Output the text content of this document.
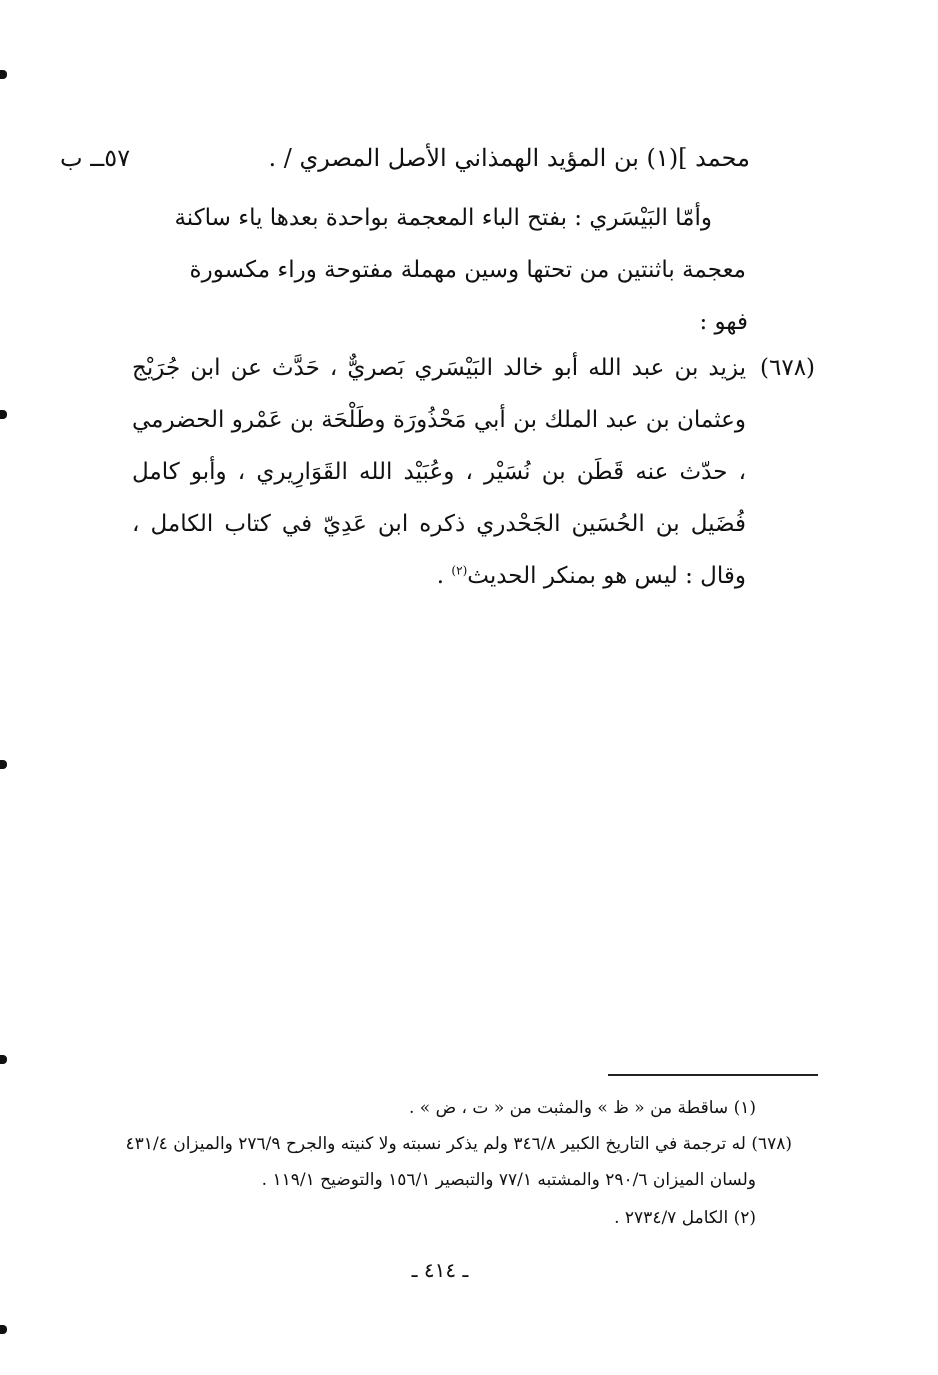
محمد ](١) بن المؤيد الهمذاني الأصل المصري / .
٥٧ــ ب
وأمّا البَيْسَري : بفتح الباء المعجمة بواحدة بعدها ياء ساكنة
معجمة باثنتين من تحتها وسين مهملة مفتوحة وراء مكسورة
فهو :
(٦٧٨)
يزيد بن عبد الله أبو خالد البَيْسَري بَصريٌّ ، حَدَّث عن ابن جُرَيْج وعثمان بن عبد الملك بن أبي مَحْذُورَة وطَلْحَة بن عَمْرو الحضرمي ، حدّث عنه قَطَن بن نُسَيْر ، وعُبَيْد الله القَوَارِيري ، وأبو كامل فُضَيل بن الحُسَين الجَحْدري ذكره ابن عَدِيّ في كتاب الكامل ، وقال : ليس هو بمنكر الحديث$^{(٢)}$ .
(١) ساقطة من « ظ » والمثبت من « ت ، ض » .
(٦٧٨) له ترجمة في التاريخ الكبير ٣٤٦/٨ ولم يذكر نسبته ولا كنيته والجرح ٢٧٦/٩ والميزان ٤٣١/٤
ولسان الميزان ٢٩٠/٦ والمشتبه ٧٧/١ والتبصير ١٥٦/١ والتوضيح ١١٩/١ .
(٢) الكامل ٢٧٣٤/٧ .
ـ ٤١٤ ـ
